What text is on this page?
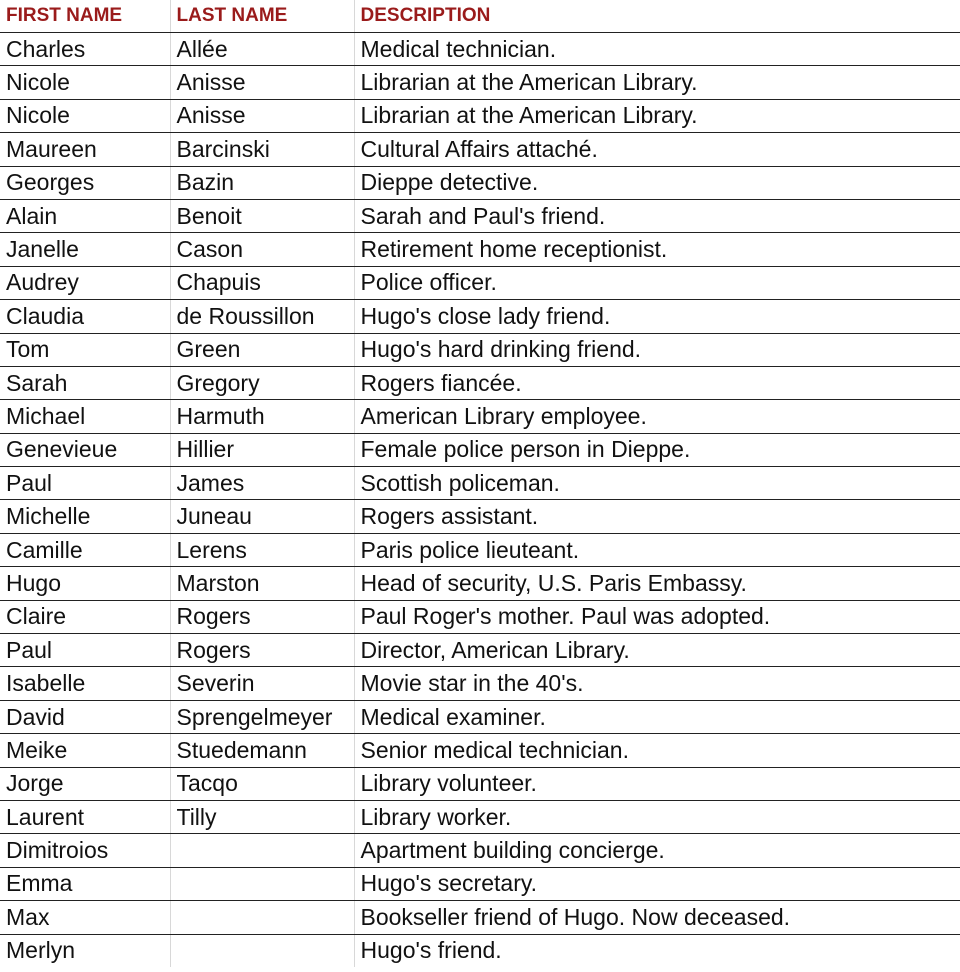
FIRST NAME	LAST NAME	DESCRIPTION
Charles	Allée	Medical technician.
Nicole	Anisse	Librarian at the American Library.
Nicole	Anisse	Librarian at the American Library.
Maureen	Barcinski	Cultural Affairs attaché.
Georges	Bazin	Dieppe detective.
Alain	Benoit	Sarah and Paul's friend.
Janelle	Cason	Retirement home receptionist.
Audrey	Chapuis	Police officer.
Claudia	de Roussillon	Hugo's close lady friend.
Tom	Green	Hugo's hard drinking friend.
Sarah	Gregory	Rogers fiancée.
Michael	Harmuth	American Library employee.
Genevieue	Hillier	Female police person in Dieppe.
Paul	James	Scottish policeman.
Michelle	Juneau	Rogers assistant.
Camille	Lerens	Paris police lieuteant.
Hugo	Marston	Head of security, U.S. Paris Embassy.
Claire	Rogers	Paul Roger's mother. Paul was adopted.
Paul	Rogers	Director, American Library.
Isabelle	Severin	Movie star in the 40's.
David	Sprengelmeyer	Medical examiner.
Meike	Stuedemann	Senior medical technician.
Jorge	Tacqo	Library volunteer.
Laurent	Tilly	Library worker.
Dimitroios		Apartment building concierge.
Emma		Hugo's secretary.
Max		Bookseller friend of Hugo. Now deceased.
Merlyn		Hugo's friend.
